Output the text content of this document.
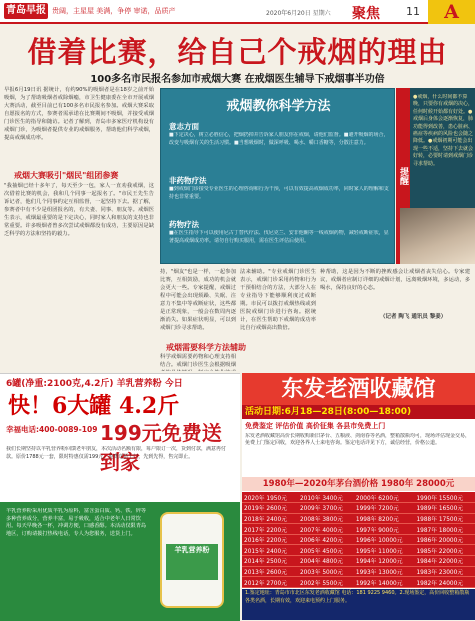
青岛早报 贵阔，主星屋 美满，争停 审诺，品质产	2020年6月20日 星期六 聚焦 11	A
借着比赛，给自己个戒烟的理由
100多名市民报名参加市戒烟大赛 在戒烟医生辅导下戒烟事半功倍
早报6月19日讯 据统计，有约90%的吸烟者是在18岁之前开始吸烟，为了帮助吸烟者戒除烟瘾，市卫生健康委在全市开展戒烟大赛活动，截至目前已有100多名市民报名参加。戒烟大赛采取自愿报名的方式，参赛者需承诺在比赛期间不吸烟，并接受戒烟门诊医生的指导和随访。记者了解到，青岛市多家医疗机构设有戒烟门诊，为吸烟者提供专业的戒烟服务，帮助他们科学戒烟，提高戒烟成功率。
戒烟大赛吸引"烟民"组团参赛
"我抽烟已经十多年了，每天至少一包，家人一直劝我戒烟，这次借着比赛的机会，我和几个同事一起报名了。"市民王先生告诉记者，他们几个同事约定互相监督，一起坚持下去。据了解，参赛者中有不少是组团报名的，有夫妻、同事、朋友等。戒烟医生表示，戒烟最重要的是下定决心，同时家人和朋友的支持也非常重要。许多吸烟者曾多次尝试戒烟都没有成功，主要原因是缺乏科学的方法和坚持的毅力。
戒烟教你科学方法
意志方面
■下定决心，树立必胜信心，把烟扔掉并告诉家人朋友你在戒烟，请他们监督。■避开吸烟的场合，改变与吸烟有关的生活习惯。■当想吸烟时，做深呼吸、喝水、嚼口香糖等，分散注意力。
非药物疗法
■到戒烟门诊接受专业医生的心理咨询和行为干预，可以有效提高戒烟成功率，同时家人的理解和支持也非常重要。
药物疗法
■在医生指导下可以使用尼古丁替代疗法、伐尼克兰、安非他酮等一线戒烟药物，减轻戒断症状，显著提高戒烟成功率。请勿自行购买服用，需在医生评估后使用。
提醒
●戒烟，什么时间都不算晚，只要你有戒烟的决心，任何时候开始都有好处。●戒烟后身体会逐渐恢复，肺功能得到改善，患心脏病、癌症等疾病的风险也会随之降低。●戒烟初期可能会出现一些不适，坚持下去就会好转，必要时请到戒烟门诊寻求帮助。
持，"烟友"也是一样，一起参加比赛，互相鼓励，成功的机会就会更大一些。专家提醒，戒烟过程中可能会出现烦躁、失眠、注意力不集中等戒断症状，这些都是正常现象，一般会在数周内逐渐消失。如果症状明显，可以到戒烟门诊寻求帮助。
戒烟需要科学方法辅助
科学戒烟需要药物和心理支持相结合。戒烟门诊医生会根据吸烟
法来辅助。"专业戒烟门诊医生表示，戒烟门诊采用药物和行为干预相结合的方法，大部分人在专业指导下能够顺利度过戒断期。市民可以拨打戒烟热线或到医院戒烟门诊进行咨询。据统计，在医生帮助下戒烟的成功率比自行戒烟高出数倍。
种帮助，这是因为不断的挫败感会让戒烟者丧失信心。专家建议，戒烟者应制订详细的戒烟计划，远离吸烟环境，多运动，多喝水，保持良好的心态。
（记者 陶飞 通讯员 黎姜）
6罐(净重:2100克,4.2斤) 羊乳营养粉 今日
快！6大罐 4.2斤
幸福电话:400-0089-109 199元免费送到家
我们长期坚持以羊乳营养粉回馈老年朋友，本次活动名额有限，每户限订一次，货到付款，满意再付款。原价1788元一套，限时特惠仅需199元，免费送货上门，先到先得，售完即止。
羊乳营养粉采用优质羊乳为原料，富含蛋白质、钙、铁、锌等多种营养成分，营养丰富，易于吸收，适合中老年人日常饮用。每天早晚各一杯，冲调方便，口感香醇。本活动仅限青岛地区，订购请拨打热线电话，专人为您服务，送货上门。
羊乳营养粉
东发老酒收藏馆
活动日期:6月18—28日(8:00—18:00)
免费鉴定 评估价值 高价征集 各县市免费上门
东发老酒收藏馆高价长期收购新旧茅台、五粮液、剑南春等名酒，整箱散瓶均可，现场评估现金交易，免费上门鉴定回收，欢迎各界人士来电咨询。鉴定电话详见下方，诚信经营，价格公道。
1980年—2020年茅台酒价格 1980年 28000元
2020年 1950元	2010年 3400元	2000年 6200元	1990年 15500元
2019年 2600元	2009年 3700元	1999年 7200元	1989年 16500元
2018年 2400元	2008年 3800元	1998年 8200元	1988年 17500元
2017年 2200元	2007年 4000元	1997年 9000元	1987年 18000元
2016年 2200元	2006年 4200元	1996年 10000元	1986年 20000元
2015年 2400元	2005年 4500元	1995年 11000元	1985年 22000元
2014年 2500元	2004年 4800元	1994年 12000元	1984年 22000元
2013年 2600元	2003年 5000元	1993年 13000元	1983年 23000元
2012年 2700元	2002年 5500元	1992年 14000元	1982年 24000元
1.鉴定地址：青岛市市北区东发老酒收藏馆 电话：181 9225 9460。2.现场鉴定，高价回收整箱散瓶各类名酒，长期有效，欢迎来电预约上门服务。
